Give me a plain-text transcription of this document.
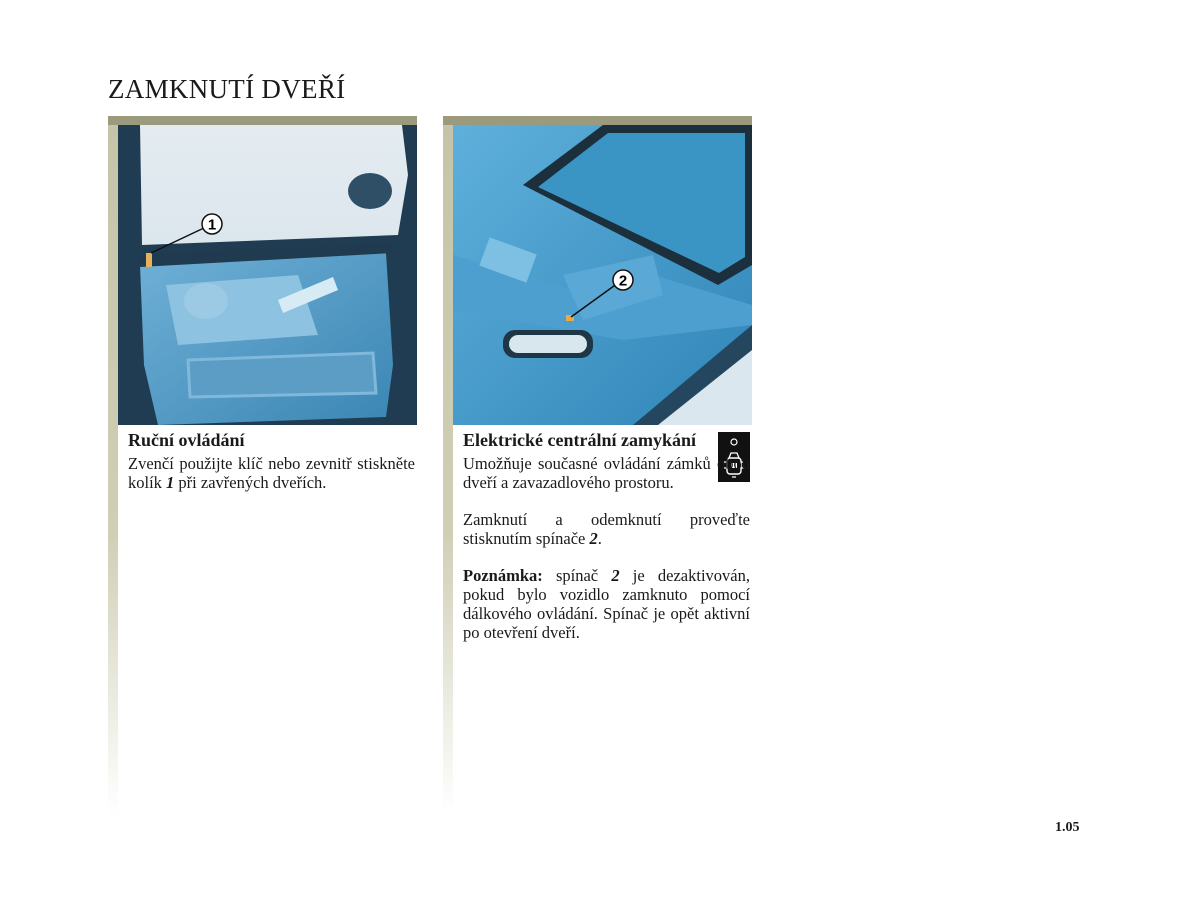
ZAMKNUTÍ DVEŘÍ
1
Ruční ovládání

Zvenčí použijte klíč nebo zevnitř stiskněte kolík 1 při zavřených dveřích.

2
Elektrické centrální zamykání

Umožňuje současné ovládání zámků obou dveří a zavazadlového prostoru.

Zamknutí a odemknutí proveďte stisknutím spínače 2.

Poznámka: spínač 2 je dezaktivován, pokud bylo vozidlo zamknuto pomocí dálkového ovládání. Spínač je opět aktivní po otevření dveří.

1.05
